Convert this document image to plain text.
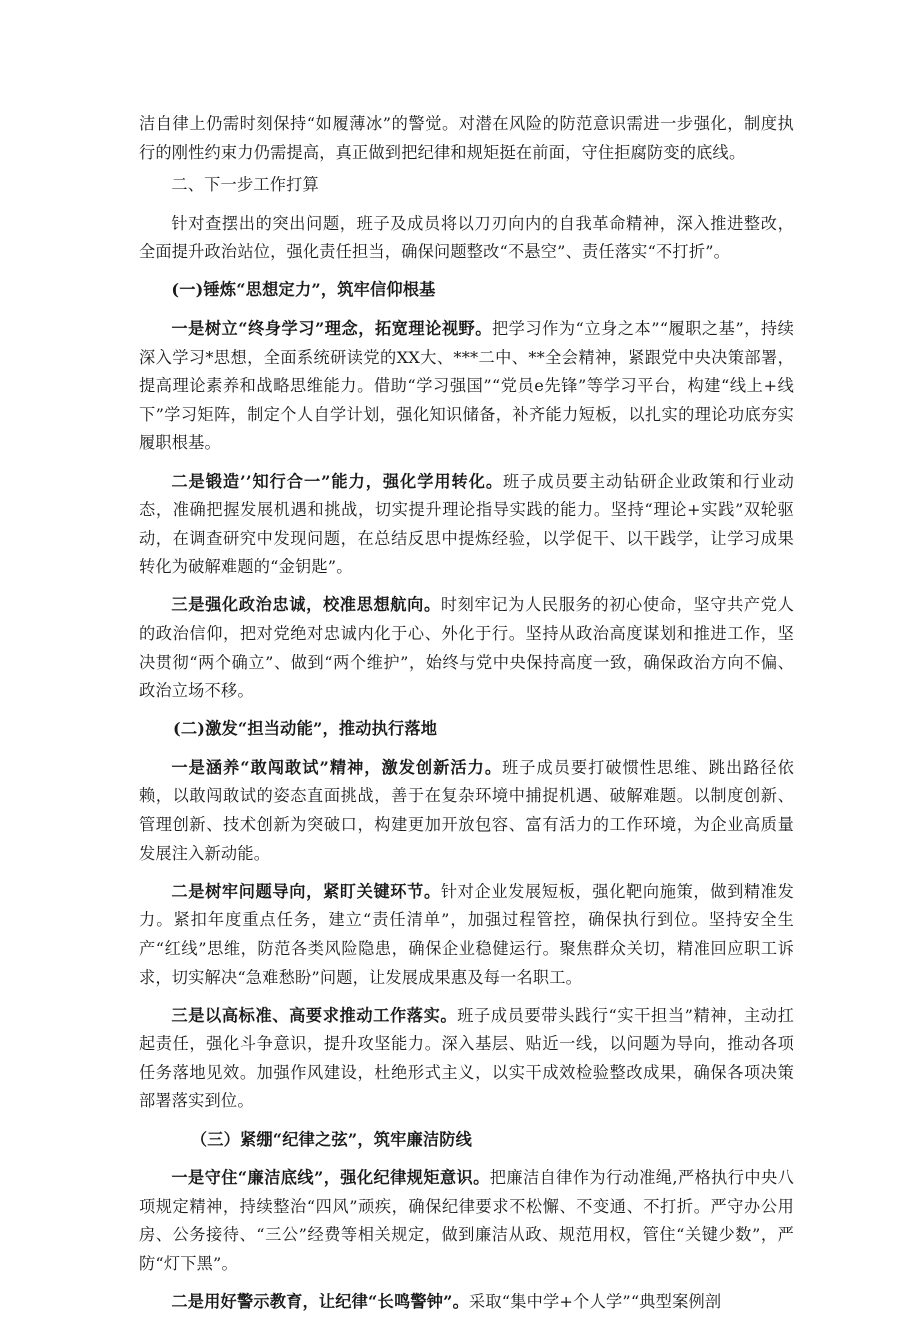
洁自律上仍需时刻保持“如履薄冰”的警觉。对潜在风险的防范意识需进一步强化，制度执行的刚性约束力仍需提高，真正做到把纪律和规矩挺在前面，守住拒腐防变的底线。

二、下一步工作打算

针对查摆出的突出问题，班子及成员将以刀刃向内的自我革命精神，深入推进整改，全面提升政治站位，强化责任担当，确保问题整改“不悬空”、责任落实“不打折”。

(一)锤炼“思想定力”，筑牢信仰根基

一是树立“终身学习”理念，拓宽理论视野。把学习作为“立身之本”“履职之基”，持续深入学习*思想，全面系统研读党的XX大、***二中、**全会精神，紧跟党中央决策部署，提高理论素养和战略思维能力。借助“学习强国”“党员e先锋”等学习平台，构建“线上+线下”学习矩阵，制定个人自学计划，强化知识储备，补齐能力短板，以扎实的理论功底夯实履职根基。

二是锻造’’知行合一”能力，强化学用转化。班子成员要主动钻研企业政策和行业动态，准确把握发展机遇和挑战，切实提升理论指导实践的能力。坚持“理论+实践”双轮驱动，在调查研究中发现问题，在总结反思中提炼经验，以学促干、以干践学，让学习成果转化为破解难题的“金钥匙”。

三是强化政治忠诚，校准思想航向。时刻牢记为人民服务的初心使命，坚守共产党人的政治信仰，把对党绝对忠诚内化于心、外化于行。坚持从政治高度谋划和推进工作，坚决贯彻“两个确立”、做到“两个维护”，始终与党中央保持高度一致，确保政治方向不偏、政治立场不移。

(二)激发“担当动能”，推动执行落地

一是涵养“敢闯敢试”精神，激发创新活力。班子成员要打破惯性思维、跳出路径依赖，以敢闯敢试的姿态直面挑战，善于在复杂环境中捕捉机遇、破解难题。以制度创新、管理创新、技术创新为突破口，构建更加开放包容、富有活力的工作环境，为企业高质量发展注入新动能。

二是树牢问题导向，紧盯关键环节。针对企业发展短板，强化靶向施策，做到精准发力。紧扣年度重点任务，建立“责任清单”，加强过程管控，确保执行到位。坚持安全生产“红线”思维，防范各类风险隐患，确保企业稳健运行。聚焦群众关切，精准回应职工诉求，切实解决“急难愁盼”问题，让发展成果惠及每一名职工。

三是以高标准、高要求推动工作落实。班子成员要带头践行“实干担当”精神，主动扛起责任，强化斗争意识，提升攻坚能力。深入基层、贴近一线，以问题为导向，推动各项任务落地见效。加强作风建设，杜绝形式主义，以实干成效检验整改成果，确保各项决策部署落实到位。

（三）紧绷“纪律之弦”，筑牢廉洁防线

一是守住“廉洁底线”，强化纪律规矩意识。把廉洁自律作为行动准绳,严格执行中央八项规定精神，持续整治“四风”顽疾，确保纪律要求不松懈、不变通、不打折。严守办公用房、公务接待、“三公”经费等相关规定，做到廉洁从政、规范用权，管住“关键少数”，严防“灯下黑”。

二是用好警示教育，让纪律“长鸣警钟”。采取“集中学+个人学”“典型案例剖
